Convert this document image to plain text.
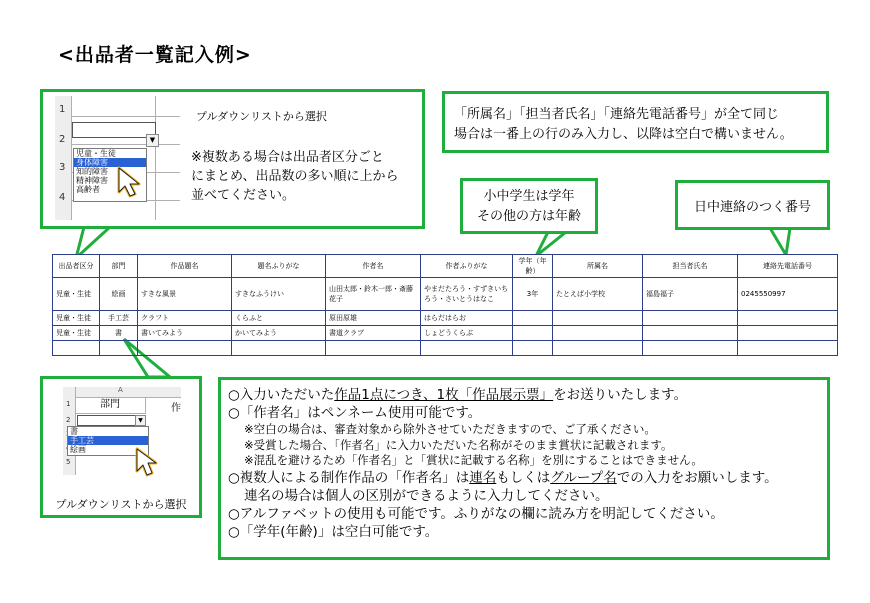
<出品者一覧記入例>
1
2
3
4
▼
児童・生徒
身体障害
知的障害
精神障害
高齢者
プルダウンリストから選択
※複数ある場合は出品者区分ごと
にまとめ、出品数の多い順に上から
並べてください。
「所属名」「担当者氏名」「連絡先電話番号」が全て同じ
場合は一番上の行のみ入力し、以降は空白で構いません。
小中学生は学年
その他の方は年齢
日中連絡のつく番号
出品者区分	部門	作品題名	題名ふりがな	作者名	作者ふりがな	学年（年齢）	所属名	担当者氏名	連絡先電話番号
児童・生徒	絵画	すきな風景	すきなふうけい	山田太郎・鈴木一郎・斎藤花子	やまだたろう・すずきいちろう・さいとうはなこ	3年	たとえば小学校	福島福子	0245550997
児童・生徒	手工芸	クラフト	くらふと	原田原雄	はらだはらお				
児童・生徒	書	書いてみよう	かいてみよう	書道クラブ	しょどうくらぶ				

A
部門	作
1
2
5
▼
書
手工芸
絵画
プルダウンリストから選択

○入力いただいた作品1点につき、1枚「作品展示票」をお送りいたします。

○「作者名」はペンネーム使用可能です。

※空白の場合は、審査対象から除外させていただきますので、ご了承ください。

※受賞した場合、「作者名」に入力いただいた名称がそのまま賞状に記載されます。

※混乱を避けるため「作者名」と「賞状に記載する名称」を別にすることはできません。

○複数人による制作作品の「作者名」は連名もしくはグループ名での入力をお願いします。

連名の場合は個人の区別ができるように入力してください。

○アルファベットの使用も可能です。ふりがなの欄に読み方を明記してください。

○「学年(年齢)」は空白可能です。
